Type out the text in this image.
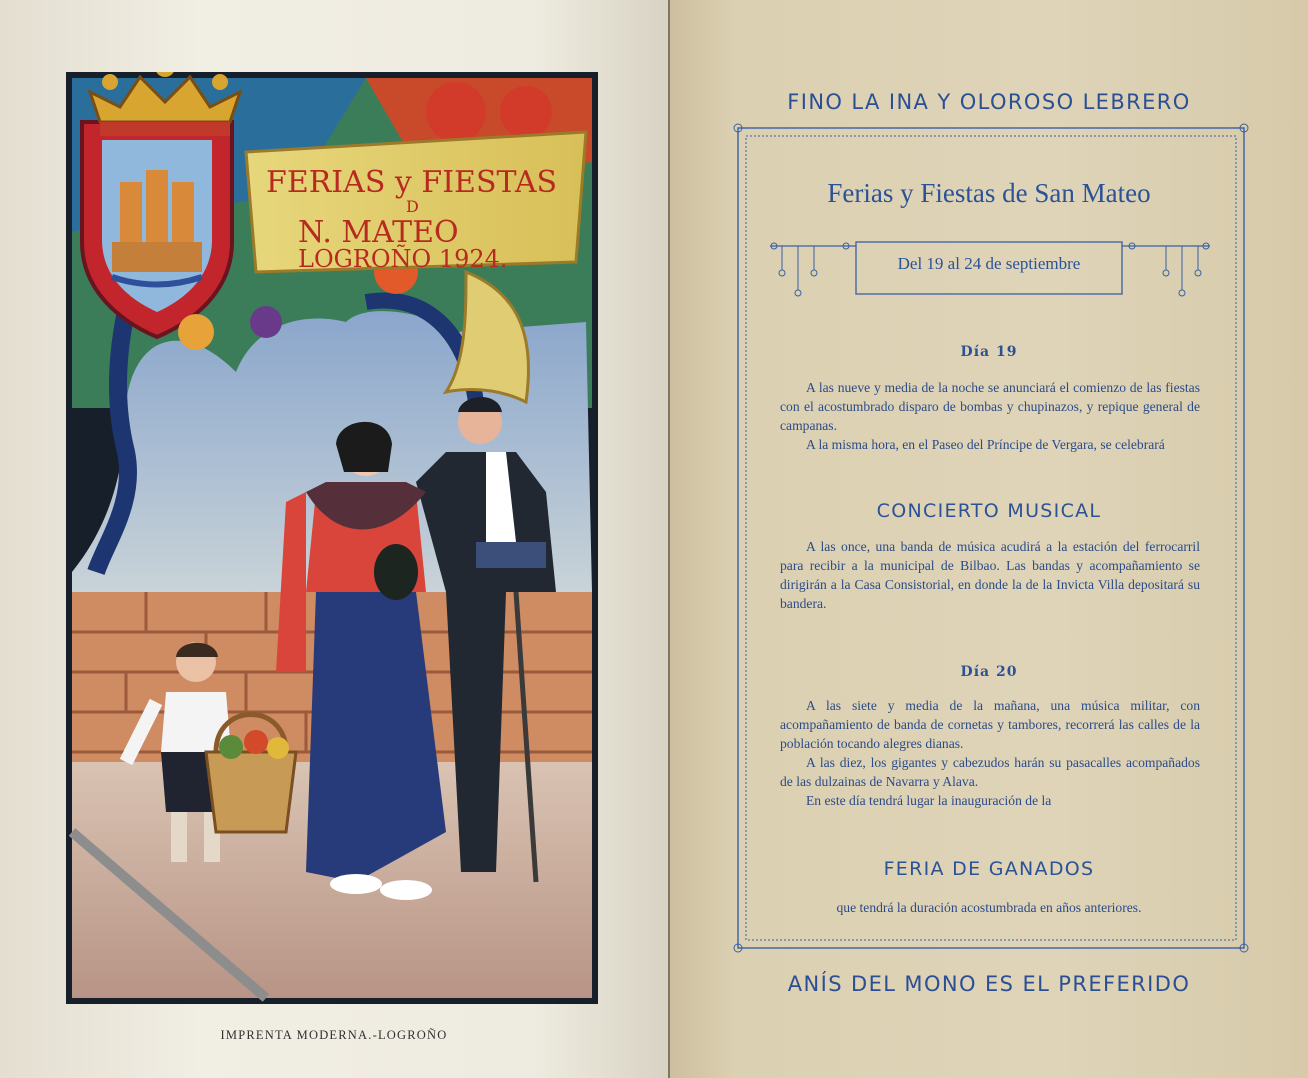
FERIAS y FIESTAS
D
N. MATEO
LOGROÑO 1924.
IMPRENTA MODERNA.-LOGROÑO
FINO LA INA Y OLOROSO LEBRERO
Ferias y Fiestas de San Mateo
Del 19 al 24 de septiembre
Día 19

A las nueve y media de la noche se anunciará el comienzo de las fiestas con el acostumbrado disparo de bombas y chupinazos, y repique general de campanas.

A la misma hora, en el Paseo del Príncipe de Vergara, se celebrará

CONCIERTO MUSICAL

A las once, una banda de música acudirá a la estación del ferrocarril para recibir a la municipal de Bilbao. Las bandas y acompañamiento se dirigirán a la Casa Consistorial, en donde la de la Invicta Villa depositará su bandera.

Día 20

A las siete y media de la mañana, una música militar, con acompañamiento de banda de cornetas y tambores, recorrerá las calles de la población tocando alegres dianas.

A las diez, los gigantes y cabezudos harán su pasacalles acompañados de las dulzainas de Navarra y Alava.

En este día tendrá lugar la inauguración de la

FERIA DE GANADOS
que tendrá la duración acostumbrada en años anteriores.
ANÍS DEL MONO ES EL PREFERIDO
